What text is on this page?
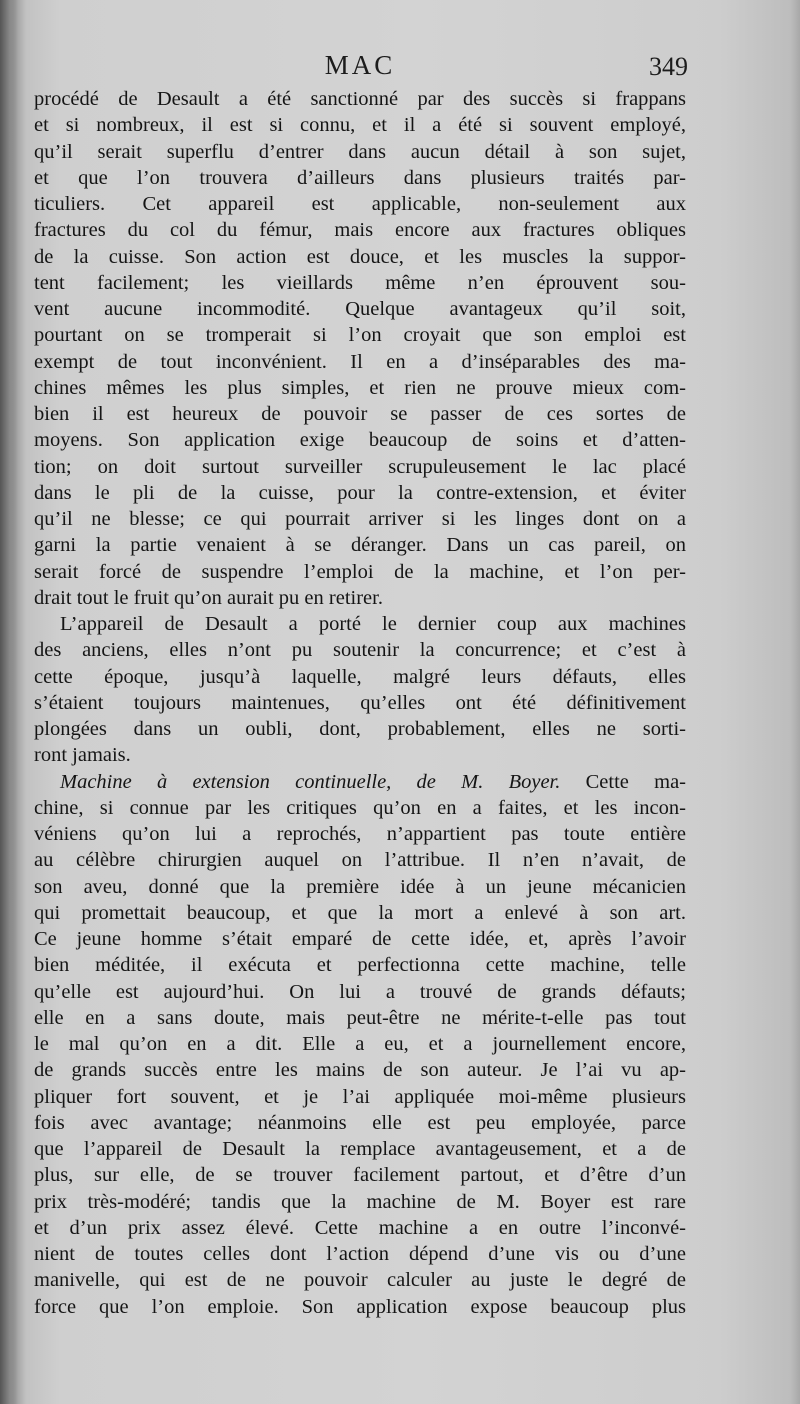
MAC	349
procédé de Desault a été sanctionné par des succès si frappans
et si nombreux, il est si connu, et il a été si souvent employé,
qu’il serait superflu d’entrer dans aucun détail à son sujet,
et que l’on trouvera d’ailleurs dans plusieurs traités par-
ticuliers. Cet appareil est applicable, non-seulement aux
fractures du col du fémur, mais encore aux fractures obliques
de la cuisse. Son action est douce, et les muscles la suppor-
tent facilement; les vieillards même n’en éprouvent sou-
vent aucune incommodité. Quelque avantageux qu’il soit,
pourtant on se tromperait si l’on croyait que son emploi est
exempt de tout inconvénient. Il en a d’inséparables des ma-
chines mêmes les plus simples, et rien ne prouve mieux com-
bien il est heureux de pouvoir se passer de ces sortes de
moyens. Son application exige beaucoup de soins et d’atten-
tion; on doit surtout surveiller scrupuleusement le lac placé
dans le pli de la cuisse, pour la contre-extension, et éviter
qu’il ne blesse; ce qui pourrait arriver si les linges dont on a
garni la partie venaient à se déranger. Dans un cas pareil, on
serait forcé de suspendre l’emploi de la machine, et l’on per-
drait tout le fruit qu’on aurait pu en retirer.
L’appareil de Desault a porté le dernier coup aux machines
des anciens, elles n’ont pu soutenir la concurrence; et c’est à
cette époque, jusqu’à laquelle, malgré leurs défauts, elles
s’étaient toujours maintenues, qu’elles ont été définitivement
plongées dans un oubli, dont, probablement, elles ne sorti-
ront jamais.
Machine à extension continuelle, de M. Boyer. Cette ma-
chine, si connue par les critiques qu’on en a faites, et les incon-
véniens qu’on lui a reprochés, n’appartient pas toute entière
au célèbre chirurgien auquel on l’attribue. Il n’en n’avait, de
son aveu, donné que la première idée à un jeune mécanicien
qui promettait beaucoup, et que la mort a enlevé à son art.
Ce jeune homme s’était emparé de cette idée, et, après l’avoir
bien méditée, il exécuta et perfectionna cette machine, telle
qu’elle est aujourd’hui. On lui a trouvé de grands défauts;
elle en a sans doute, mais peut-être ne mérite-t-elle pas tout
le mal qu’on en a dit. Elle a eu, et a journellement encore,
de grands succès entre les mains de son auteur. Je l’ai vu ap-
pliquer fort souvent, et je l’ai appliquée moi-même plusieurs
fois avec avantage; néanmoins elle est peu employée, parce
que l’appareil de Desault la remplace avantageusement, et a de
plus, sur elle, de se trouver facilement partout, et d’être d’un
prix très-modéré; tandis que la machine de M. Boyer est rare
et d’un prix assez élevé. Cette machine a en outre l’inconvé-
nient de toutes celles dont l’action dépend d’une vis ou d’une
manivelle, qui est de ne pouvoir calculer au juste le degré de
force que l’on emploie. Son application expose beaucoup plus
